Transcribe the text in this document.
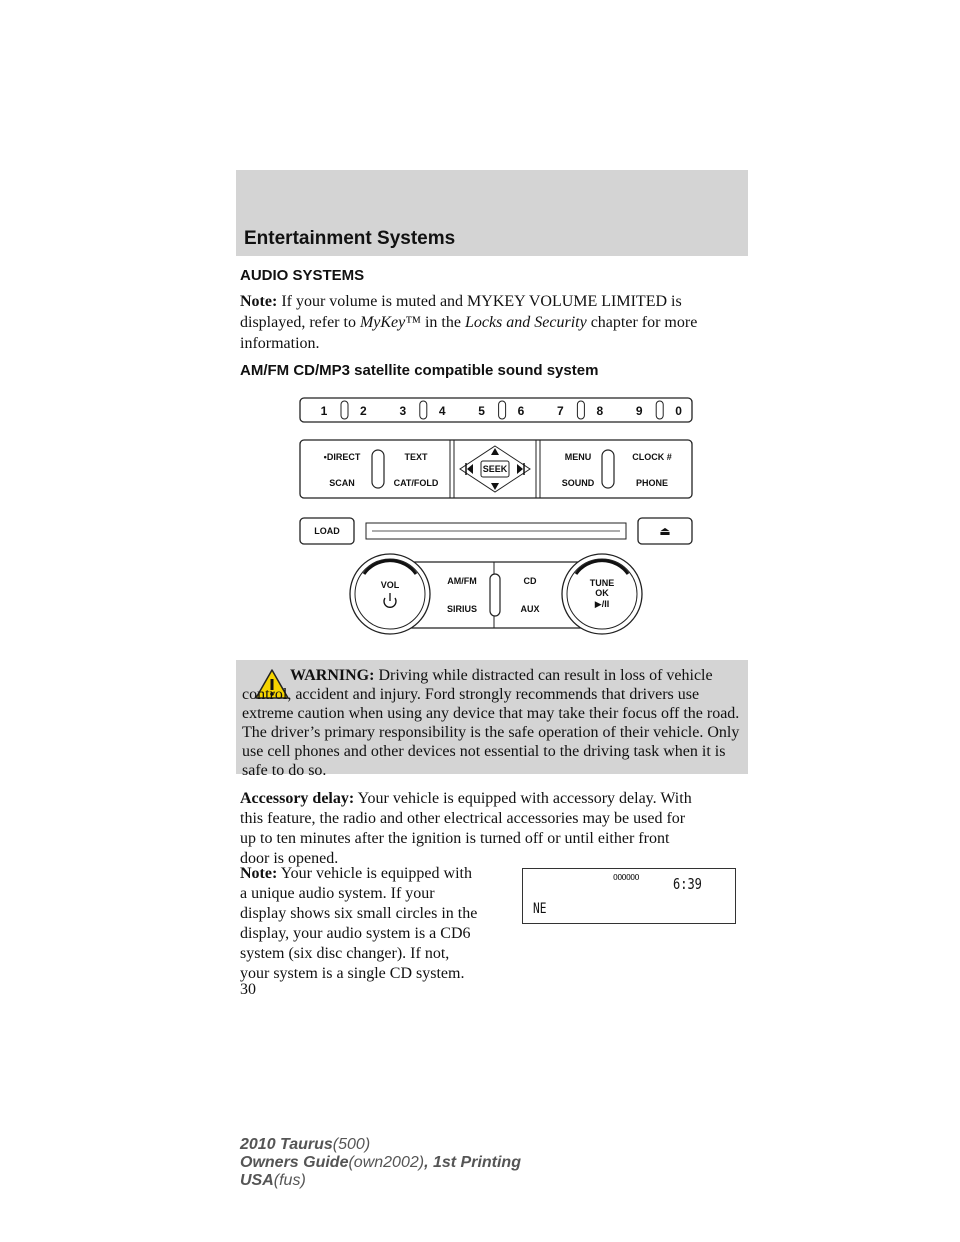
Entertainment Systems
AUDIO SYSTEMS
Note: If your volume is muted and MYKEY VOLUME LIMITED is
displayed, refer to MyKey™ in the Locks and Security chapter for more
information.
AM/FM CD/MP3 satellite compatible sound system
1	2	3	4	5	6	7	8	9	0
•DIRECT	TEXT
SCAN	CAT/FOLD
MENU	CLOCK #
SOUND	PHONE
SEEK
LOAD	⏏
AM/FM	CD
SIRIUS	AUX
VOL	TUNE
OK
▶/II
WARNING: Driving while distracted can result in loss of vehicle control, accident and injury. Ford strongly recommends that drivers use extreme caution when using any device that may take their focus off the road. The driver’s primary responsibility is the safe operation of their vehicle. Only use cell phones and other devices not essential to the driving task when it is safe to do so.
Accessory delay: Your vehicle is equipped with accessory delay. With
this feature, the radio and other electrical accessories may be used for
up to ten minutes after the ignition is turned off or until either front
door is opened.
Note: Your vehicle is equipped with
a unique audio system. If your
display shows six small circles in the
display, your audio system is a CD6
system (six disc changer). If not,
your system is a single CD system.
OOOOOO 6:39
NE
30
2010 Taurus(500)
Owners Guide(own2002), 1st Printing
USA(fus)
